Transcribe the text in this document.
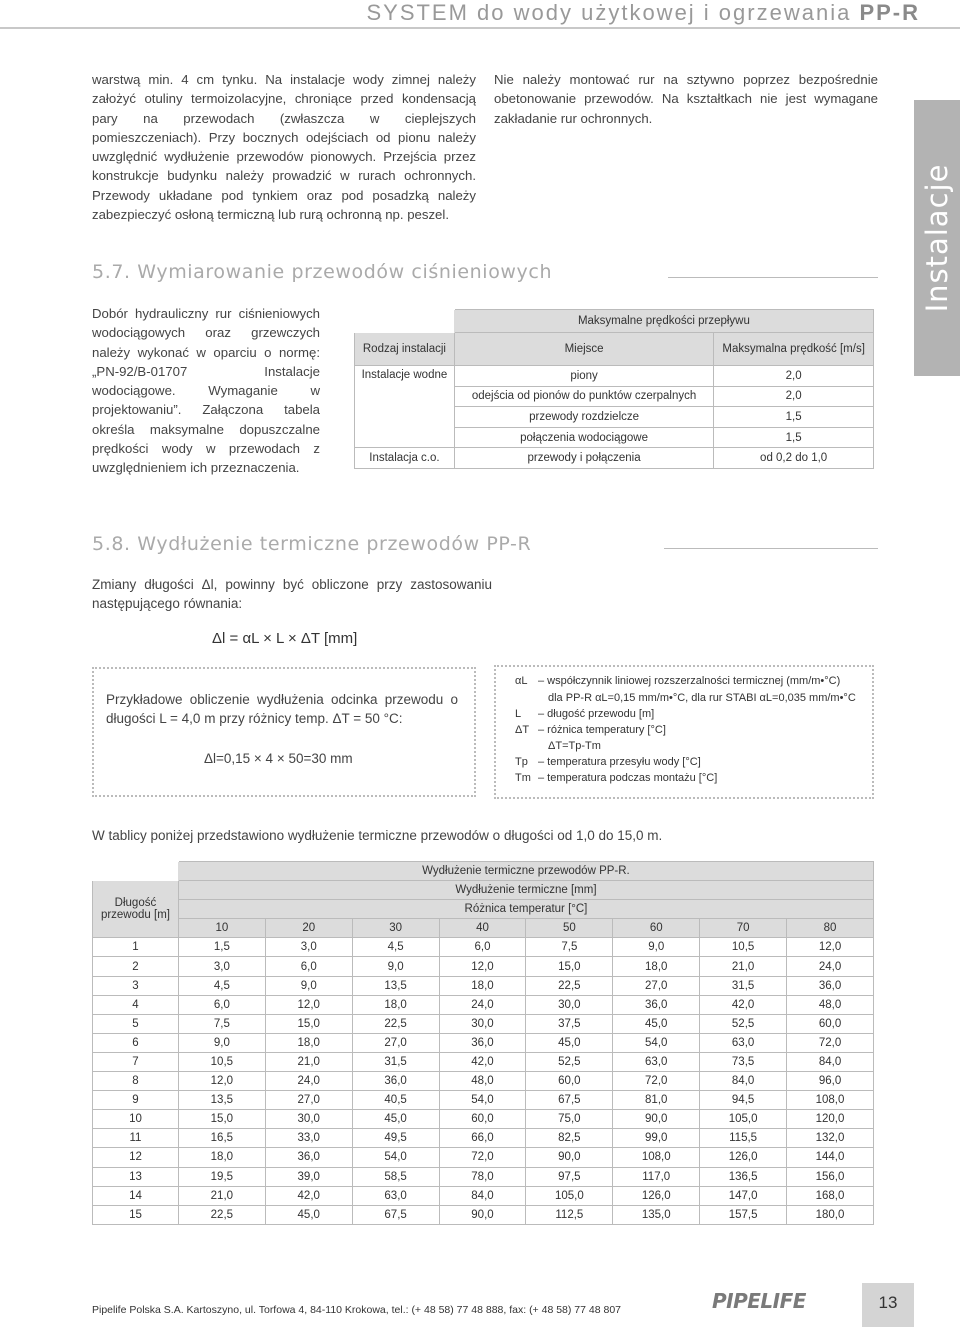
SYSTEM do wody użytkowej i ogrzewania PP-R
Instalacje

warstwą min. 4 cm tynku. Na instalacje wody zimnej należy założyć otuliny termoizolacyjne, chroniące przed kondensacją pary na przewodach (zwłaszcza w cieplejszych pomieszczeniach). Przy bocznych odejściach od pionu należy uwzględnić wydłużenie przewodów pionowych. Przejścia przez konstrukcje budynku należy prowadzić w rurach ochronnych. Przewody układane pod tynkiem oraz pod posadzką należy zabezpieczyć osłoną termiczną lub rurą ochronną np. peszel.

Nie należy montować rur na sztywno poprzez bezpośrednie obetonowanie przewodów. Na kształtkach nie jest wymagane zakładanie rur ochronnych.

5.7. Wymiarowanie przewodów ciśnieniowych

Dobór hydrauliczny rur ciśnieniowych wodociągowych oraz grzewczych należy wykonać w oparciu o normę: „PN-92/B-01707 Instalacje wodociągowe. Wymaganie w projektowaniu”. Załączona tabela określa maksymalne dopuszczalne prędkości wody w przewodach z uwzględnieniem ich przeznaczenia.

	Maksymalne prędkości przepływu	
Rodzaj instalacji	Miejsce	Maksymalna prędkość [m/s]
Instalacje wodne	piony	2,0
	odejścia od pionów do punktów czerpalnych	2,0
	przewody rozdzielcze	1,5
	połączenia wodociągowe	1,5
Instalacja c.o.	przewody i połączenia	od 0,2 do 1,0
5.8. Wydłużenie termiczne przewodów PP-R

Zmiany długości Δl, powinny być obliczone przy zastosowaniu następującego równania:

Δl = αL × L × ΔT [mm]

Przykładowe obliczenie wydłużenia odcinka przewodu o długości L = 4,0 m przy różnicy temp. ΔT = 50 °C:

Δl=0,15 × 4 × 50=30 mm
αL – współczynnik liniowej rozszerzalności termicznej (mm/m•°C)
dla PP-R αL=0,15 mm/m•°C, dla rur STABI αL=0,035 mm/m•°C
L – długość przewodu [m]
ΔT – różnica temperatury [°C]
ΔT=Tp-Tm
Tp – temperatura przesyłu wody [°C]
Tm – temperatura podczas montażu [°C]

W tablicy poniżej przedstawiono wydłużenie termiczne przewodów o długości od 1,0 do 15,0 m.

	Wydłużenie termiczne przewodów PP-R.							
Długość przewodu [m]	Wydłużenie termiczne [mm]							
	Różnica temperatur [°C]							
	10	20	30	40	50	60	70	80
1	1,5	3,0	4,5	6,0	7,5	9,0	10,5	12,0
2	3,0	6,0	9,0	12,0	15,0	18,0	21,0	24,0
3	4,5	9,0	13,5	18,0	22,5	27,0	31,5	36,0
4	6,0	12,0	18,0	24,0	30,0	36,0	42,0	48,0
5	7,5	15,0	22,5	30,0	37,5	45,0	52,5	60,0
6	9,0	18,0	27,0	36,0	45,0	54,0	63,0	72,0
7	10,5	21,0	31,5	42,0	52,5	63,0	73,5	84,0
8	12,0	24,0	36,0	48,0	60,0	72,0	84,0	96,0
9	13,5	27,0	40,5	54,0	67,5	81,0	94,5	108,0
10	15,0	30,0	45,0	60,0	75,0	90,0	105,0	120,0
11	16,5	33,0	49,5	66,0	82,5	99,0	115,5	132,0
12	18,0	36,0	54,0	72,0	90,0	108,0	126,0	144,0
13	19,5	39,0	58,5	78,0	97,5	117,0	136,5	156,0
14	21,0	42,0	63,0	84,0	105,0	126,0	147,0	168,0
15	22,5	45,0	67,5	90,0	112,5	135,0	157,5	180,0
Pipelife Polska S.A. Kartoszyno, ul. Torfowa 4, 84-110 Krokowa, tel.: (+ 48 58) 77 48 888, fax: (+ 48 58) 77 48 807	PIPELIFE	13
